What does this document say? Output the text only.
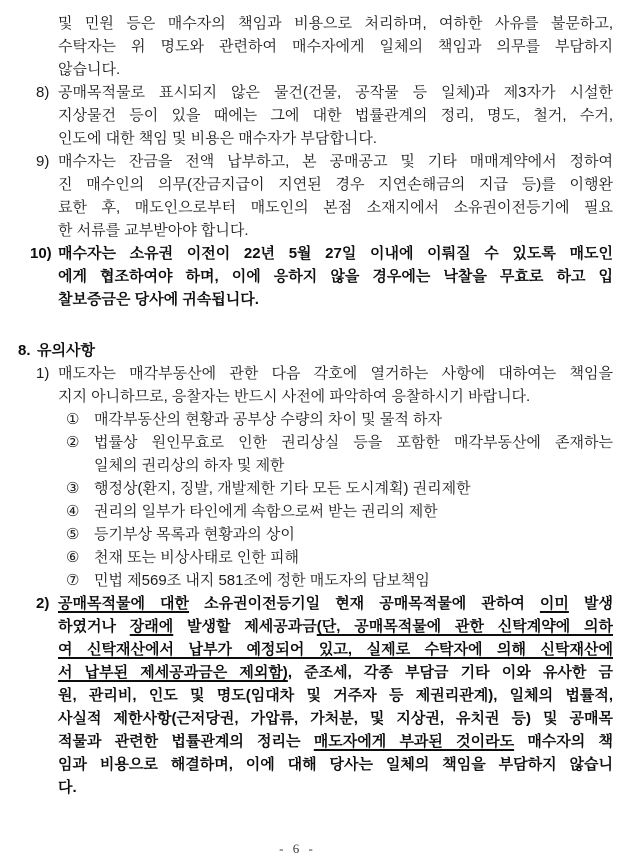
및 민원 등은 매수자의 책임과 비용으로 처리하며, 여하한 사유를 불문하고,
수탁자는 위 명도와 관련하여 매수자에게 일체의 책임과 의무를 부담하지
않습니다.
8) 공매목적물로 표시되지 않은 물건(건물, 공작물 등 일체)과 제3자가 시설한
지상물건 등이 있을 때에는 그에 대한 법률관계의 정리, 명도, 철거, 수거,
인도에 대한 책임 및 비용은 매수자가 부담합니다.
9) 매수자는 잔금을 전액 납부하고, 본 공매공고 및 기타 매매계약에서 정하여
진 매수인의 의무(잔금지급이 지연된 경우 지연손해금의 지급 등)를 이행완
료한 후, 매도인으로부터 매도인의 본점 소재지에서 소유권이전등기에 필요
한 서류를 교부받아야 합니다.
10) 매수자는 소유권 이전이 22년 5월 27일 이내에 이뤄질 수 있도록 매도인
에게 협조하여야 하며, 이에 응하지 않을 경우에는 낙찰을 무효로 하고 입
찰보증금은 당사에 귀속됩니다.
8. 유의사항
1) 매도자는 매각부동산에 관한 다음 각호에 열거하는 사항에 대하여는 책임을
지지 아니하므로, 응찰자는 반드시 사전에 파악하여 응찰하시기 바랍니다.
① 매각부동산의 현황과 공부상 수량의 차이 및 물적 하자
② 법률상 원인무효로 인한 권리상실 등을 포함한 매각부동산에 존재하는
일체의 권리상의 하자 및 제한
③ 행정상(환지, 징발, 개발제한 기타 모든 도시계획) 권리제한
④ 권리의 일부가 타인에게 속함으로써 받는 권리의 제한
⑤ 등기부상 목록과 현황과의 상이
⑥ 천재 또는 비상사태로 인한 피해
⑦ 민법 제569조 내지 581조에 정한 매도자의 담보책임
2) 공매목적물에 대한 소유권이전등기일 현재 공매목적물에 관하여 이미 발생
하였거나 장래에 발생할 제세공과금(단, 공매목적물에 관한 신탁계약에 의하
여 신탁재산에서 납부가 예정되어 있고, 실제로 수탁자에 의해 신탁재산에
서 납부된 제세공과금은 제외함), 준조세, 각종 부담금 기타 이와 유사한 금
원, 관리비, 인도 및 명도(임대차 및 거주자 등 제권리관계), 일체의 법률적,
사실적 제한사항(근저당권, 가압류, 가처분, 및 지상권, 유치권 등) 및 공매목
적물과 관련한 법률관계의 정리는 매도자에게 부과된 것이라도 매수자의 책
임과 비용으로 해결하며, 이에 대해 당사는 일체의 책임을 부담하지 않습니
다.
- 6 -
